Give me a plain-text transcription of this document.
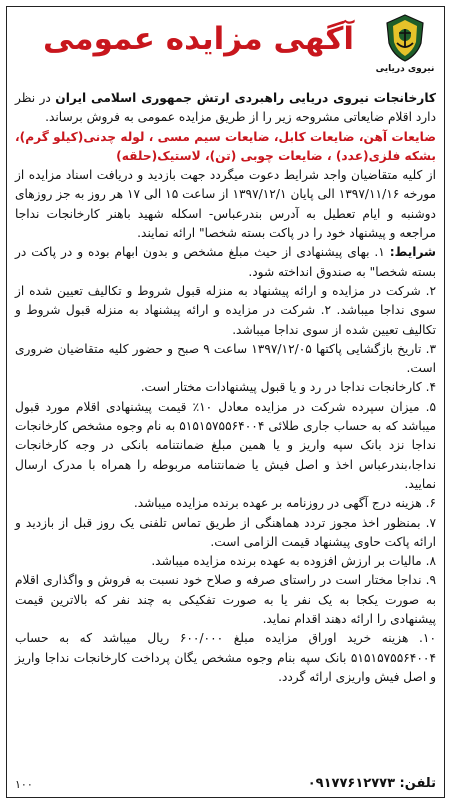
نیروی دریایی
آگهی مزایده عمومی

کارخانجات نیروی دریایی راهبردی ارتش جمهوری اسلامی ایران در نظر دارد اقلام ضایعاتی مشروحه زیر را از طریق مزایده عمومی به فروش برساند.

ضایعات آهن، ضایعات کابل، ضایعات سیم مسی ، لوله چدنی(کیلو گرم)، بشکه فلزی(عدد) ، ضایعات چوبی (تن)، لاستیک(حلقه)

از کلیه متقاضیان واجد شرایط دعوت میگردد جهت بازدید و دریافت اسناد مزایده از مورخه ۱۳۹۷/۱۱/۱۶ الی پایان ۱۳۹۷/۱۲/۱ از ساعت ۱۵ الی ۱۷ هر روز به جز روزهای دوشنبه و ایام تعطیل به آدرس بندرعباس- اسکله شهید باهنر کارخانجات نداجا مراجعه و پیشنهاد خود را در پاکت بسته شخصا" ارائه نمایند.

شرایط: ۱. بهای پیشنهادی از حیث مبلغ مشخص و بدون ابهام بوده و در پاکت در بسته شخصا" به صندوق انداخته شود.

۲. شرکت در مزایده و ارائه پیشنهاد به منزله قبول شروط و تکالیف تعیین شده از سوی نداجا میباشد. ۲. شرکت در مزایده و ارائه پیشنهاد به منزله قبول شروط و تکالیف تعیین شده از سوی نداجا میباشد.

۳. تاریخ بازگشایی پاکتها ۱۳۹۷/۱۲/۰۵ ساعت ۹ صبح و حضور کلیه متقاضیان ضروری است.

۴. کارخانجات نداجا در رد و یا قبول پیشنهادات مختار است.

۵. میزان سپرده شرکت در مزایده معادل ۱۰٪ قیمت پیشنهادی اقلام مورد قبول میباشد که به حساب جاری طلائی ۵۱۵۱۵۷۵۵۶۴۰۰۴ به نام وجوه مشخص کارخانجات نداجا نزد بانک سپه واریز و یا همین مبلغ ضمانتنامه بانکی در وجه کارخانجات نداجا،بندرعباس اخذ و اصل فیش یا ضمانتنامه مربوطه را همراه با مدرک ارسال نمایید.

۶. هزینه درج آگهی در روزنامه بر عهده برنده مزایده میباشد.

۷. بمنظور اخذ مجوز تردد هماهنگی از طریق تماس تلفنی یک روز قبل از بازدید و ارائه پاکت حاوی پیشنهاد قیمت الزامی است.

۸. مالیات بر ارزش افزوده به عهده برنده مزایده میباشد.

۹. نداجا مختار است در راستای صرفه و صلاح خود نسبت به فروش و واگذاری اقلام به صورت یکجا به یک نفر یا به صورت تفکیکی به چند نفر که بالاترین قیمت پیشنهادی را ارائه دهند اقدام نماید.

۱۰. هزینه خرید اوراق مزایده مبلغ ۶۰۰/۰۰۰ ریال میباشد که به حساب ۵۱۵۱۵۷۵۵۶۴۰۰۴ بانک سپه بنام وجوه مشخص یگان پرداخت کارخانجات نداجا واریز و اصل فیش واریزی ارائه گردد.

تلفن: ۰۹۱۷۷۶۱۲۷۷۳
۱۰۰
